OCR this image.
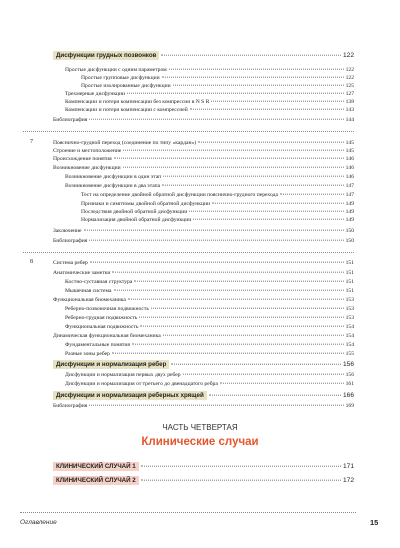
Дисфункции грудных позвонков	122
Простые дисфункции с одним параметром	122
Простые групповые дисфункции	122
Простые изолированные дисфункции	125
Трехмерные дисфункции	127
Компенсации и потери компенсации без компрессии в N S R	138
Компенсации и потери компенсации с компрессией	143
Библиография	144
7	Пояснично-грудной переход (соединение по типу «кардан»)	145
Строение и местоположение	145
Происхождение понятия	146
Возникновение дисфункции	146
Возникновение дисфункции в один этап	146
Возникновение дисфункции в два этапа	147
Тест на определение двойной обратной дисфункции пояснично-грудного перехода	147
Признаки и симптомы двойной обратной дисфункции	149
Последствия двойной обратной дисфункции	149
Нормализация двойной обратной дисфункции	149
Заключение	150
Библиография	150
8	Система ребер	151
Анатомические заметки	151
Костно-суставная структура	151
Мышечная система	151
Функциональная биомеханика	153
Реберно-позвоночная подвижность	153
Реберно-грудная подвижность	153
Функциональная подвижность	154
Динамическая функциональная биомеханика	154
Фундаментальные понятия	154
Разные зоны ребер	155
Дисфункции и нормализация ребер	156
Дисфункции и нормализация первых двух ребер	156
Дисфункции и нормализация от третьего до двенадцатого ребра	161
Дисфункции и нормализация реберных хрящей	166
Библиография	169
ЧАСТЬ ЧЕТВЕРТАЯ
Клинические случаи
КЛИНИЧЕСКИЙ СЛУЧАЙ 1	171
КЛИНИЧЕСКИЙ СЛУЧАЙ 2	172
Оглавление	15
